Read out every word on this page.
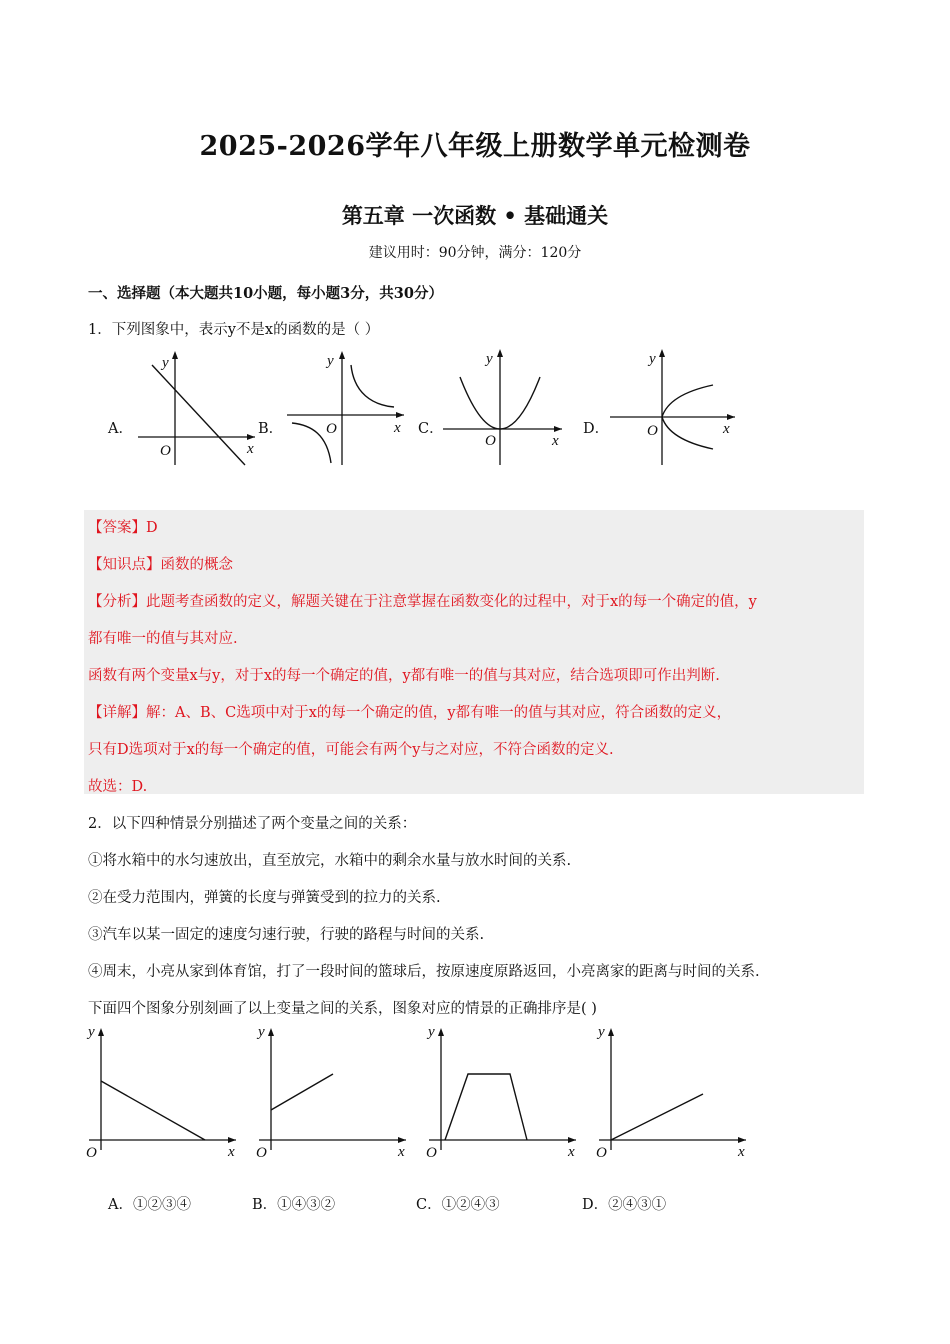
2025-2026学年八年级上册数学单元检测卷
第五章 一次函数 • 基础通关
建议用时：90分钟，满分：120分
一、选择题（本大题共10小题，每小题3分，共30分）
1．下列图象中，表示y不是x的函数的是（ ）
A．	B．	C．	D．
y
O	x
y
O	x
y
O	x
y
O	x
【答案】D
【知识点】函数的概念
【分析】此题考查函数的定义，解题关键在于注意掌握在函数变化的过程中，对于x的每一个确定的值，y
都有唯一的值与其对应.
函数有两个变量x与y，对于x的每一个确定的值，y都有唯一的值与其对应，结合选项即可作出判断.
【详解】解：A、B、C选项中对于x的每一个确定的值，y都有唯一的值与其对应，符合函数的定义，
只有D选项对于x的每一个确定的值，可能会有两个y与之对应，不符合函数的定义.
故选：D.
2．以下四种情景分别描述了两个变量之间的关系：
①将水箱中的水匀速放出，直至放完，水箱中的剩余水量与放水时间的关系.
②在受力范围内，弹簧的长度与弹簧受到的拉力的关系.
③汽车以某一固定的速度匀速行驶，行驶的路程与时间的关系.
④周末，小亮从家到体育馆，打了一段时间的篮球后，按原速度原路返回，小亮离家的距离与时间的关系.
下面四个图象分别刻画了以上变量之间的关系，图象对应的情景的正确排序是( )
y
O	x
y
O	x
y
O	x
y
O	x
A．①②③④	B．①④③②	C．①②④③	D．②④③①
